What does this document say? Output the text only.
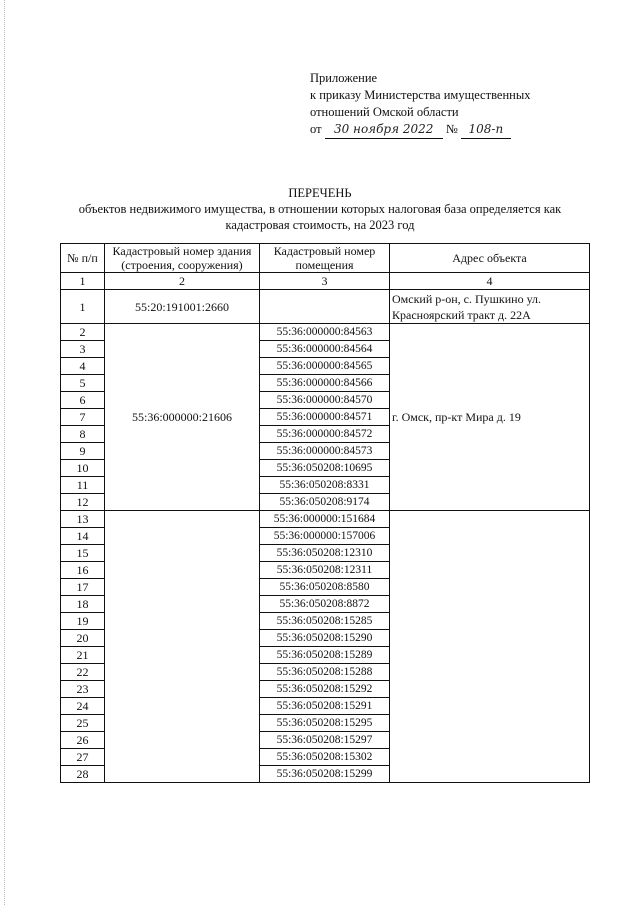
Приложение
к приказу Министерства имущественных
отношений Омской области
от 30 ноября 2022 № 108-п
ПЕРЕЧЕНЬ
объектов недвижимого имущества, в отношении которых налоговая база определяется как
кадастровая стоимость, на 2023 год
№ п/п	Кадастровый номер здания (строения, сооружения)	Кадастровый номер помещения	Адрес объекта
1	2	3	4
1	55:20:191001:2660		Омский р-он, с. Пушкино ул. Красноярский тракт д. 22А
2	55:36:000000:21606	55:36:000000:84563	г. Омск, пр-кт Мира д. 19
3		55:36:000000:84564	
4		55:36:000000:84565	
5		55:36:000000:84566	
6		55:36:000000:84570	
7		55:36:000000:84571	
8		55:36:000000:84572	
9		55:36:000000:84573	
10		55:36:050208:10695	
11		55:36:050208:8331	
12		55:36:050208:9174	
13		55:36:000000:151684	
14		55:36:000000:157006	
15		55:36:050208:12310	
16		55:36:050208:12311	
17		55:36:050208:8580	
18		55:36:050208:8872	
19		55:36:050208:15285	
20		55:36:050208:15290	
21		55:36:050208:15289	
22		55:36:050208:15288	
23		55:36:050208:15292	
24		55:36:050208:15291	
25		55:36:050208:15295	
26		55:36:050208:15297	
27		55:36:050208:15302	
28		55:36:050208:15299	
